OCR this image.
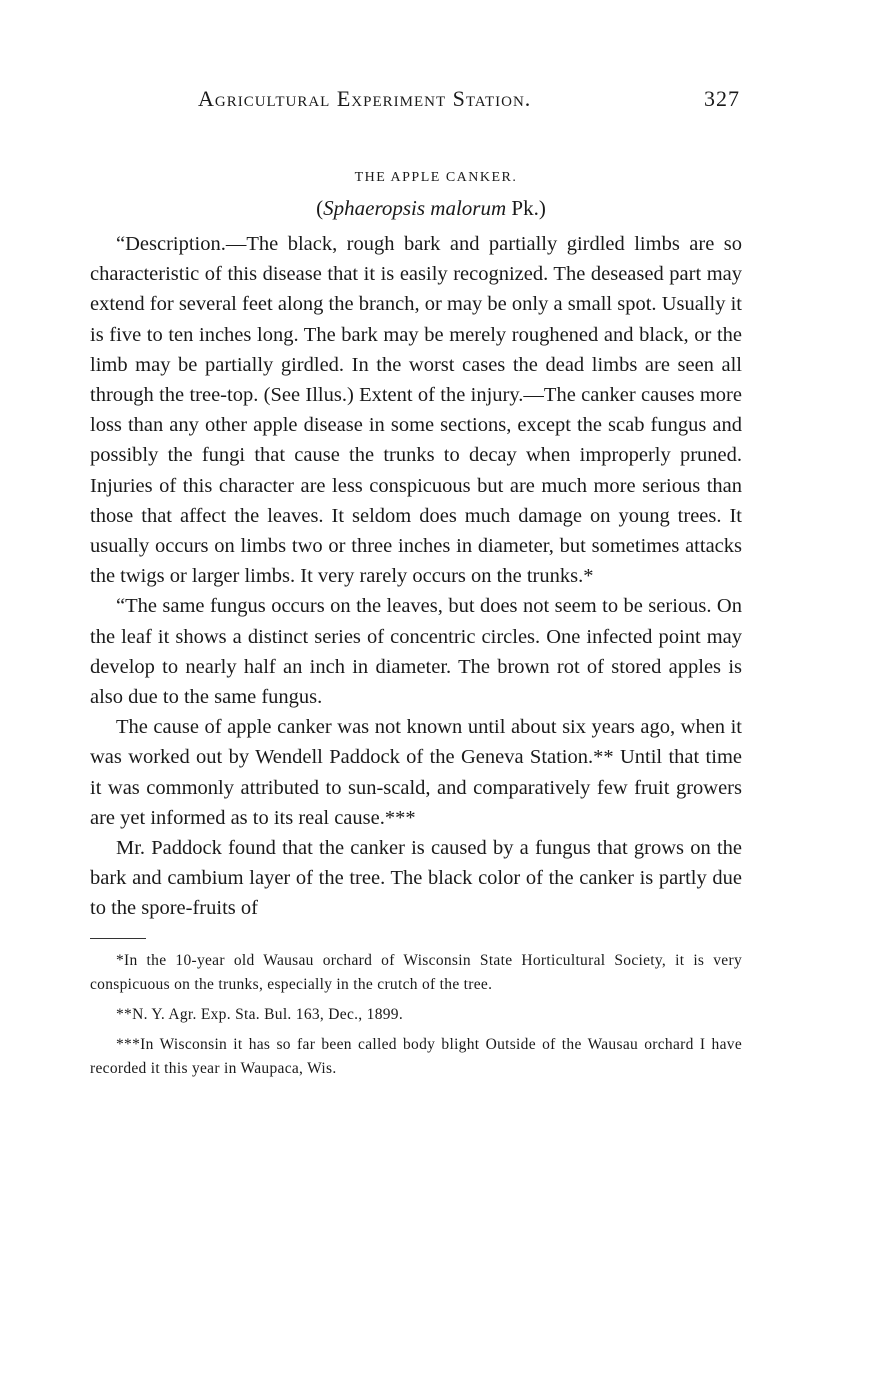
Agricultural Experiment Station.	327
THE APPLE CANKER.
(Sphaeropsis malorum Pk.)

“Description.—The black, rough bark and partially girdled limbs are so characteristic of this disease that it is easily recognized. The deseased part may extend for several feet along the branch, or may be only a small spot. Usually it is five to ten inches long. The bark may be merely roughened and black, or the limb may be partially girdled. In the worst cases the dead limbs are seen all through the tree-top. (See Illus.) Extent of the injury.—The canker causes more loss than any other apple disease in some sections, except the scab fungus and possibly the fungi that cause the trunks to decay when improperly pruned. Injuries of this character are less conspicuous but are much more serious than those that affect the leaves. It seldom does much damage on young trees. It usually occurs on limbs two or three inches in diameter, but sometimes attacks the twigs or larger limbs. It very rarely occurs on the trunks.*

“The same fungus occurs on the leaves, but does not seem to be serious. On the leaf it shows a distinct series of concentric circles. One infected point may develop to nearly half an inch in diameter. The brown rot of stored apples is also due to the same fungus.

The cause of apple canker was not known until about six years ago, when it was worked out by Wendell Paddock of the Geneva Station.** Until that time it was commonly attributed to sun-scald, and comparatively few fruit growers are yet informed as to its real cause.***

Mr. Paddock found that the canker is caused by a fungus that grows on the bark and cambium layer of the tree. The black color of the canker is partly due to the spore-fruits of

*In the 10-year old Wausau orchard of Wisconsin State Horticultural Society, it is very conspicuous on the trunks, especially in the crutch of the tree.

**N. Y. Agr. Exp. Sta. Bul. 163, Dec., 1899.

***In Wisconsin it has so far been called body blight Outside of the Wausau orchard I have recorded it this year in Waupaca, Wis.
